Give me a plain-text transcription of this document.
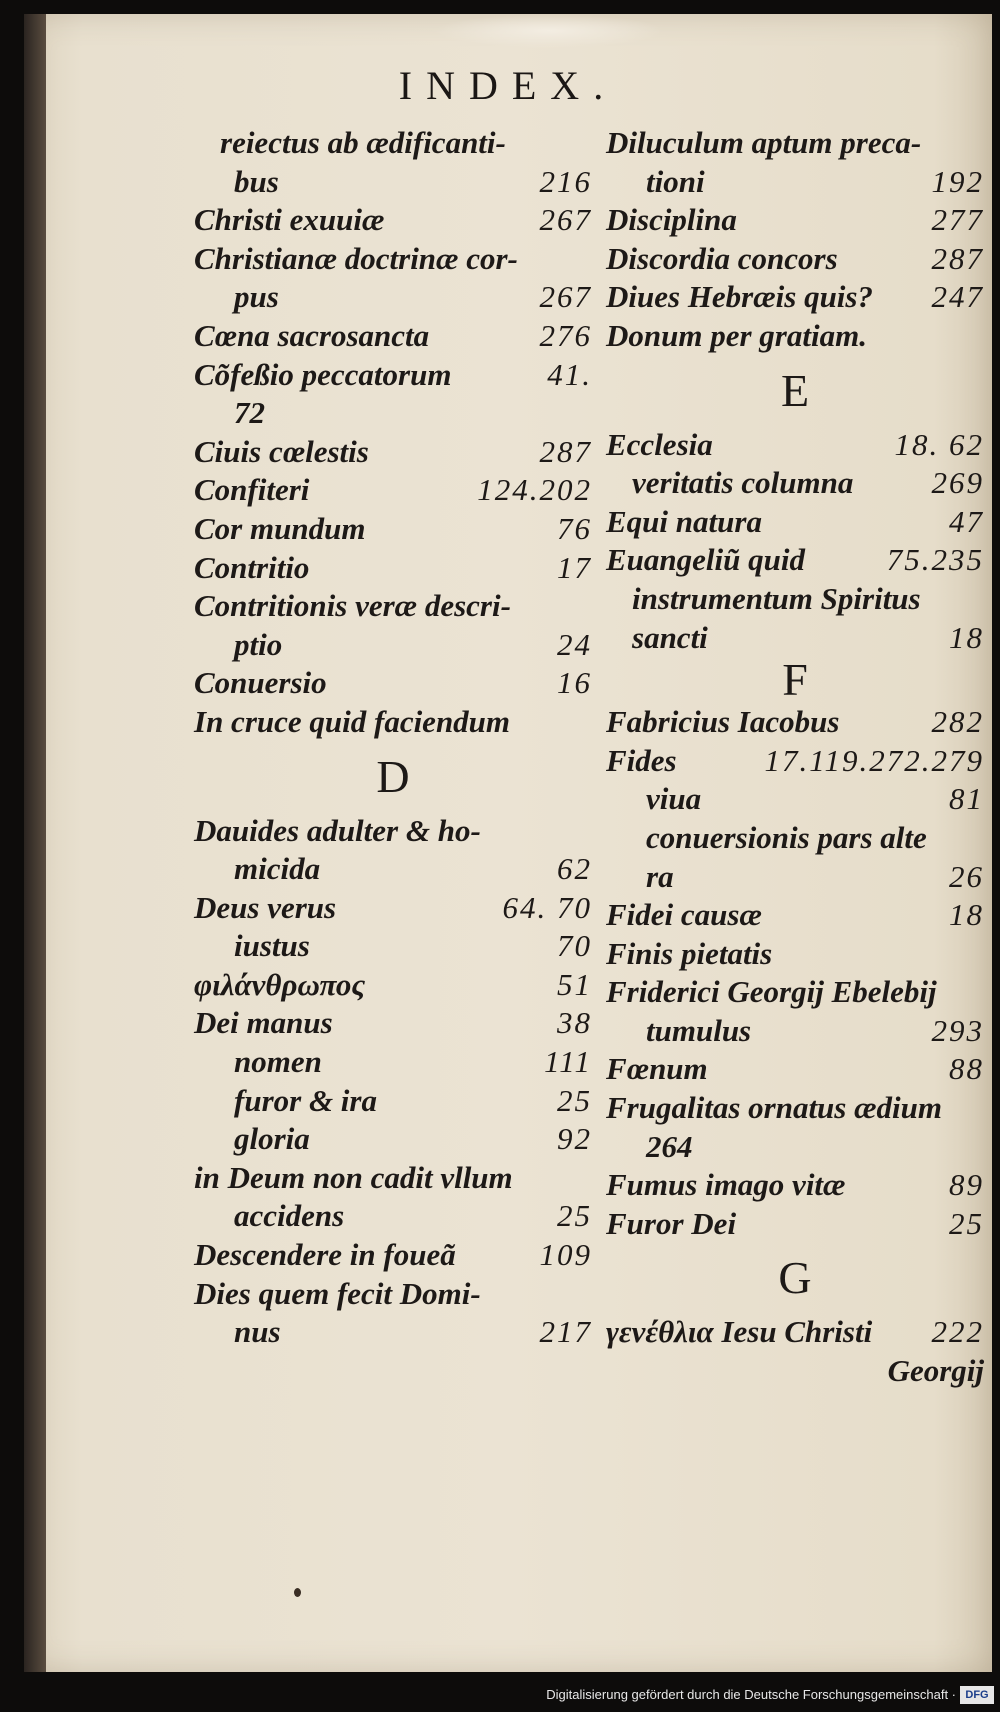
INDEX.
reiectus ab ædificanti-
bus	216
Christi exuuiæ	267
Christianæ doctrinæ cor-
pus	267
Cœna sacrosancta	276
Cõfeßio peccatorum	41.
72
Ciuis cœlestis	287
Confiteri	124.202
Cor mundum	76
Contritio	17
Contritionis veræ descri-
ptio	24
Conuersio	16
In cruce quid faciendum
D
Dauides adulter & ho-
micida	62
Deus verus	64. 70
iustus	70
φιλάνθρωπος	51
Dei manus	38
nomen	111
furor & ira	25
gloria	92
in Deum non cadit vllum
accidens	25
Descendere in foueã	109
Dies quem fecit Domi-
nus	217
Diluculum aptum preca-
tioni	192
Disciplina	277
Discordia concors	287
Diues Hebræis quis? 247
Donum per gratiam.
E
Ecclesia	18. 62
veritatis columna	269
Equi natura	47
Euangeliũ quid	75.235
instrumentum Spiritus
sancti	18
F
Fabricius Iacobus	282
Fides	17.119.272.279
viua	81
conuersionis pars alte
ra	26
Fidei causæ	18
Finis pietatis
Friderici Georgij Ebelebij
tumulus	293
Fœnum	88
Frugalitas ornatus ædium
264
Fumus imago vitæ	89
Furor Dei	25
G
γενέθλια Iesu Christi 222
Georgij
Digitalisierung gefördert durch die Deutsche Forschungsgemeinschaft · DFG
